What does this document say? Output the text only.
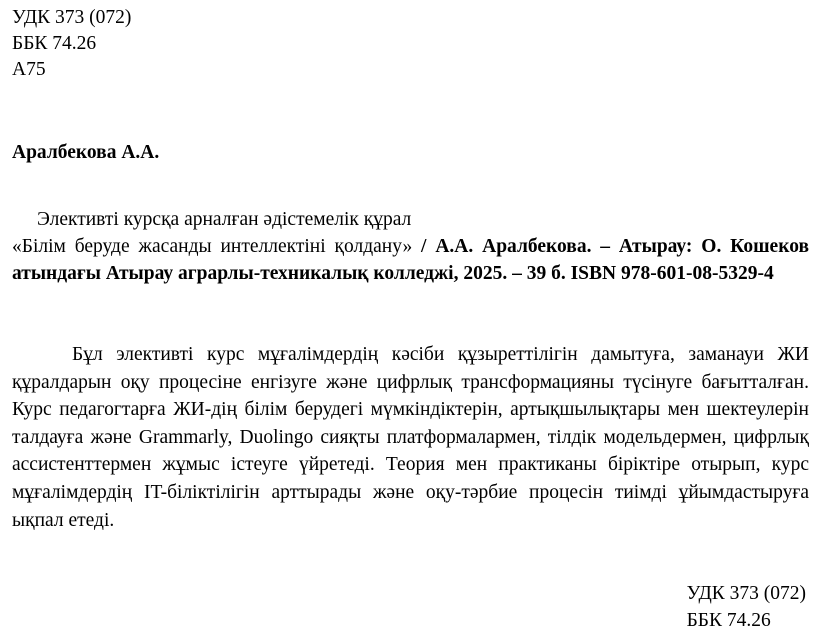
УДК 373 (072)
ББК 74.26
А75
Аралбекова А.А.
Элективті курсқа арналған әдістемелік құрал
«Білім беруде жасанды интеллектіні қолдану» / А.А. Аралбекова. – Атырау: О. Кошеков атындағы Атырау аграрлы-техникалық колледжі, 2025. – 39 б. ISBN 978-601-08-5329-4
Бұл элективті курс мұғалімдердің кәсіби құзыреттілігін дамытуға, заманауи ЖИ құралдарын оқу процесіне енгізуге және цифрлық трансформацияны түсінуге бағытталған. Курс педагогтарға ЖИ-дің білім берудегі мүмкіндіктерін, артықшылықтары мен шектеулерін талдауға және Grammarly, Duolingo сияқты платформалармен, тілдік модельдермен, цифрлық ассистенттермен жұмыс істеуге үйретеді. Теория мен практиканы біріктіре отырып, курс мұғалімдердің IT-біліктілігін арттырады және оқу-тәрбие процесін тиімді ұйымдастыруға ықпал етеді.
УДК 373 (072)
ББК 74.26
